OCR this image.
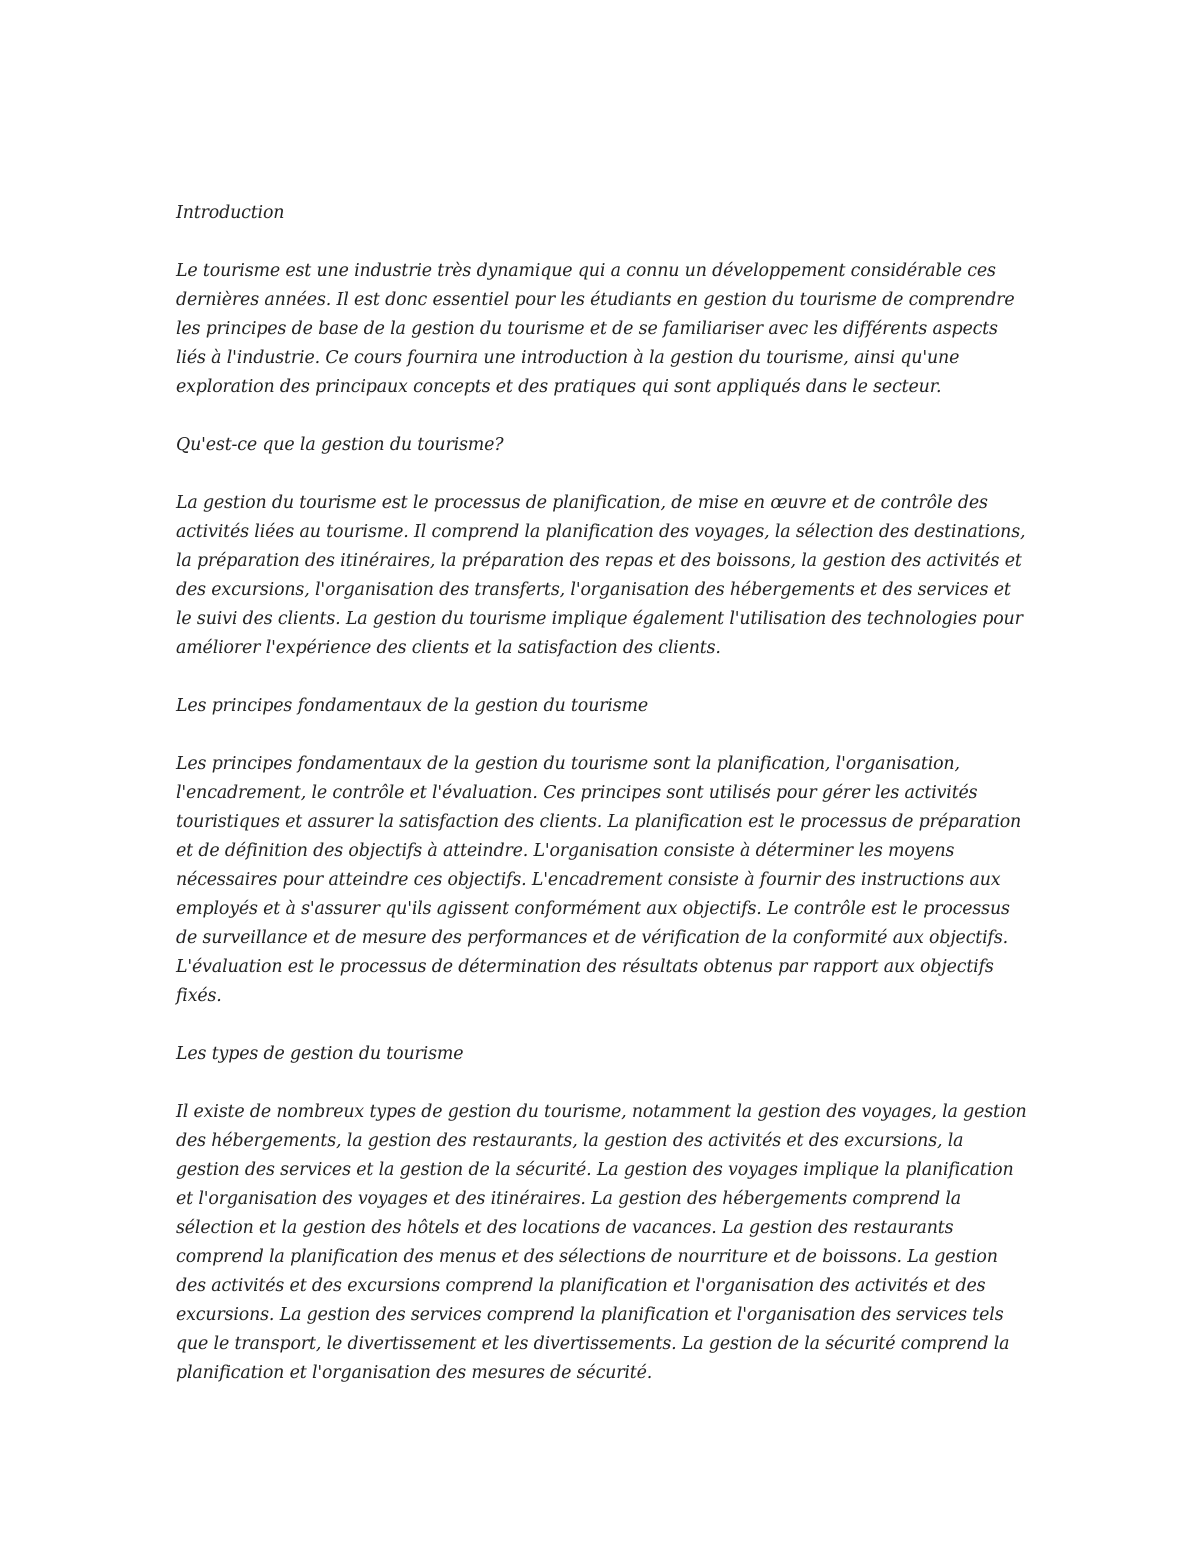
Introduction

Le tourisme est une industrie très dynamique qui a connu un développement considérable ces dernières années. Il est donc essentiel pour les étudiants en gestion du tourisme de comprendre les principes de base de la gestion du tourisme et de se familiariser avec les différents aspects liés à l'industrie. Ce cours fournira une introduction à la gestion du tourisme, ainsi qu'une exploration des principaux concepts et des pratiques qui sont appliqués dans le secteur.

Qu'est-ce que la gestion du tourisme?

La gestion du tourisme est le processus de planification, de mise en œuvre et de contrôle des activités liées au tourisme. Il comprend la planification des voyages, la sélection des destinations, la préparation des itinéraires, la préparation des repas et des boissons, la gestion des activités et des excursions, l'organisation des transferts, l'organisation des hébergements et des services et le suivi des clients. La gestion du tourisme implique également l'utilisation des technologies pour améliorer l'expérience des clients et la satisfaction des clients.

Les principes fondamentaux de la gestion du tourisme

Les principes fondamentaux de la gestion du tourisme sont la planification, l'organisation, l'encadrement, le contrôle et l'évaluation. Ces principes sont utilisés pour gérer les activités touristiques et assurer la satisfaction des clients. La planification est le processus de préparation et de définition des objectifs à atteindre. L'organisation consiste à déterminer les moyens nécessaires pour atteindre ces objectifs. L'encadrement consiste à fournir des instructions aux employés et à s'assurer qu'ils agissent conformément aux objectifs. Le contrôle est le processus de surveillance et de mesure des performances et de vérification de la conformité aux objectifs. L'évaluation est le processus de détermination des résultats obtenus par rapport aux objectifs fixés.

Les types de gestion du tourisme

Il existe de nombreux types de gestion du tourisme, notamment la gestion des voyages, la gestion des hébergements, la gestion des restaurants, la gestion des activités et des excursions, la gestion des services et la gestion de la sécurité. La gestion des voyages implique la planification et l'organisation des voyages et des itinéraires. La gestion des hébergements comprend la sélection et la gestion des hôtels et des locations de vacances. La gestion des restaurants comprend la planification des menus et des sélections de nourriture et de boissons. La gestion des activités et des excursions comprend la planification et l'organisation des activités et des excursions. La gestion des services comprend la planification et l'organisation des services tels que le transport, le divertissement et les divertissements. La gestion de la sécurité comprend la planification et l'organisation des mesures de sécurité.
